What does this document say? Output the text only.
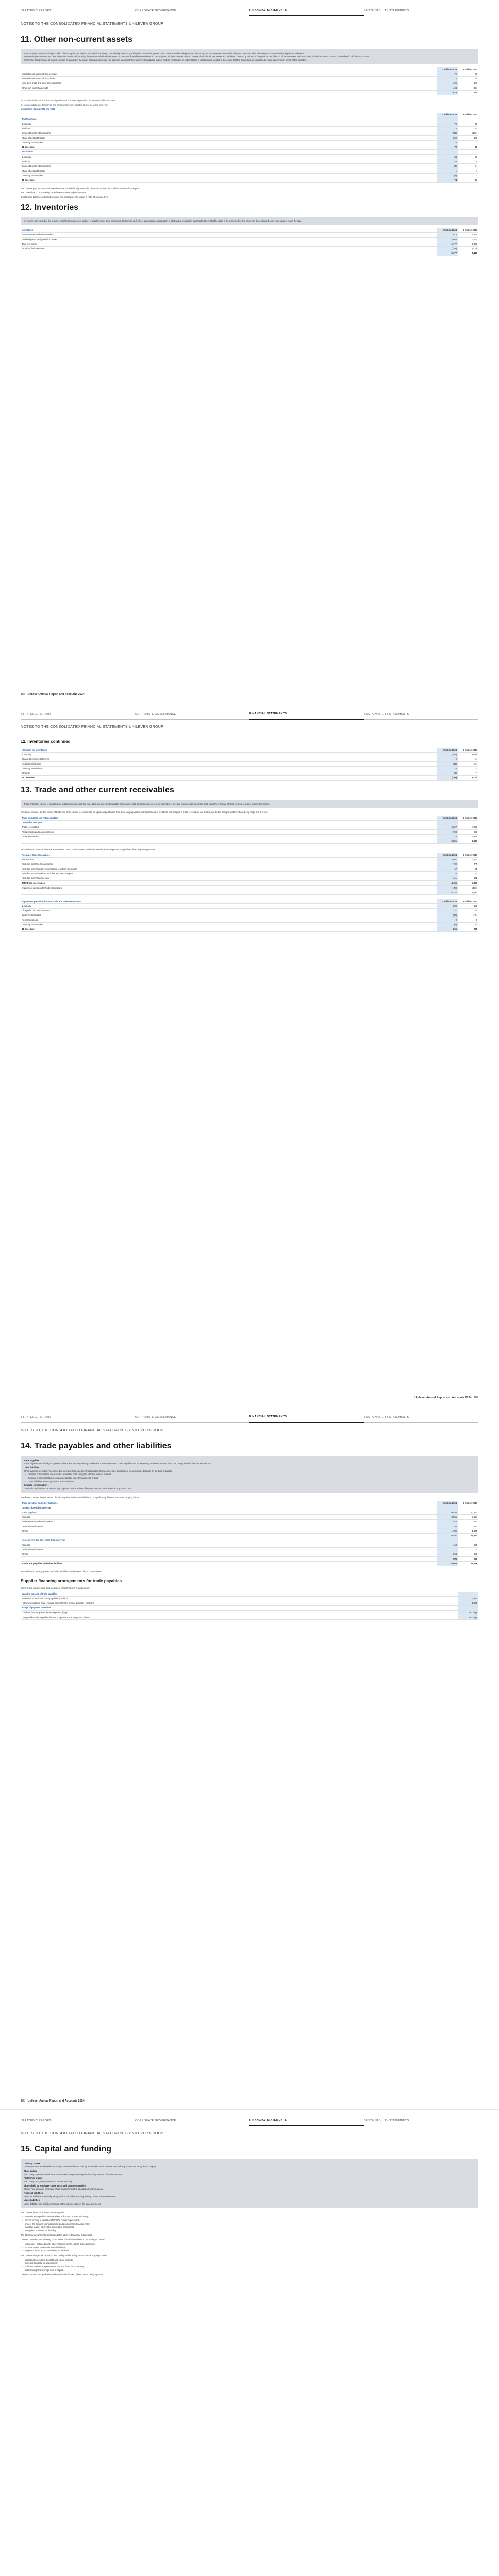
STRATEGIC REPORT	CORPORATE GOVERNANCE	FINANCIAL STATEMENTS	SUSTAINABILITY STATEMENTS
NOTES TO THE CONSOLIDATED FINANCIAL STATEMENTS UNILEVER GROUP
11. Other non-current assets

Joint ventures are undertakings in which the Group has an interest and which are jointly controlled by the Group and one or more other parties. Associates are undertakings where the Group has an investment in which it does not have control or joint control but can exercise significant influence.

Interests in joint ventures and associates are accounted for using the equity method and are stated in the consolidated balance sheet at cost, adjusted for the movement in the Group's share of their net assets and liabilities. The Group's share of the profit or loss after tax of joint ventures and associates is included in the Group's consolidated profit before taxation.

Where the Group's share of losses exceeds its interest in the equity accounted investee, the carrying amount of the investment is reduced to zero and the recognition of further losses is discontinued, except to the extent that the Group has an obligation to make payments on behalf of the investee.

	€ million 2024	€ million 2023
Interest in net assets of joint ventures	72	70
Interest in net assets of associates	74	34
Long-term trade and other receivables(a)	106	183
Other non-current assets(b)	424	324
	676	611

(a) Includes balances due from other parties which are not expected to be received within one year.

(b) Includes deposits, derivatives and prepayments not expected to reverse within one year.

Movements during 2024 and 2023

	€ million 2024	€ million 2023
Joint ventures		
1 January	70	66
Additions	4	10
Dividends received/reductions	(202)	(182)
Share of net profit/(loss)	200	176
Currency retranslation	0	0
31 December	72	70
Associates		
1 January	34	29
Additions	43	6
Dividends received/reductions	(3)	(5)
Share of net profit/(loss)	1	4
Currency retranslation	(1)	0
31 December	74	34

The Group's joint ventures and associates are not individually material to the Group's financial position or results for the year.

The Group has no outstanding capital commitments to joint ventures.

Outstanding balances with joint ventures and associates are shown in note 23 on page 176.

12. Inventories

Inventories are valued at the lower of weighted average cost and net realisable value. Cost comprises direct costs and, where appropriate, a proportion of attributable production overheads. Net realisable value is the estimated selling price less the estimated costs necessary to make the sale.

Inventories	€ million 2024	€ million 2023
Raw materials and consumables	1,614	1,874
Finished goods and goods for resale	3,563	3,462
Total inventories	5,177	5,336
Provision for inventories	(191)	(219)
	5,177	5,119
186 Unilever Annual Report and Accounts 2024
STRATEGIC REPORT	CORPORATE GOVERNANCE	FINANCIAL STATEMENTS	SUSTAINABILITY STATEMENTS
NOTES TO THE CONSOLIDATED FINANCIAL STATEMENTS UNILEVER GROUP
12. Inventories continued
Provision for inventories	€ million 2024	€ million 2023
1 January	(219)	(190)
Charge to income statement	9	(6)
Reductions/releases	(13)	(16)
Currency translations	0	0
Other(a)	(3)	(7)
31 December	(191)	(219)
13. Trade and other current receivables

Trade and other current receivables are initially recognised at fair value plus any directly attributable transaction costs. Subsequently, except for derivatives, they are measured at amortised cost, using the effective interest method, less any impairment losses.

We do not consider the fair values of trade and other current receivables to be significantly different from their carrying values. Concentrations of credit risk with respect to trade receivables are limited, due to the Group's customer base being large and diverse.

Trade and other current receivables	€ million 2024	€ million 2023
Due within one year		
Trade receivables	4,327	4,023
Prepayments and accrued income	998	638
Other receivables	1,276	1,336
	6,601	5,997

Included within trade receivables are amounts due to our customers and other receivables in respect of supply chain financing arrangements.

Ageing of trade receivables	€ million 2024	€ million 2023
Not overdue	3,897	3,523
Past due less than three months	382	401
Past due more than three months but less than six months	47	41
Past due more than six months but less than one year	28	30
Past due more than one year	141	141
Total trade receivables	4,495	4,237
Impairment provision for trade receivables	(178)	(168)
	4,327	4,023
Impairment provision for total trade and other receivables	€ million 2024	€ million 2023
1 January	205	196
Charged to income statement	37	34
Reductions/releases	(48)	(35)
Reclassifications	0	0
Currency retranslation	(1)	(5)
31 December	206	205
Unilever Annual Report and Accounts 2024 187
STRATEGIC REPORT	CORPORATE GOVERNANCE	FINANCIAL STATEMENTS	SUSTAINABILITY STATEMENTS
NOTES TO THE CONSOLIDATED FINANCIAL STATEMENTS UNILEVER GROUP
14. Trade payables and other liabilities

Trade payables

Trade payables are initially recognised at fair value less any directly attributable transaction costs. Trade payables are subsequently measured at amortised cost, using the effective interest method.

Other liabilities

Other liabilities are initially recognised at fair value less any directly attributable transaction costs. Subsequent measurement depends on the type of liability.

• Deferred consideration measured at amortised cost, using the effective interest method.

• Contingent consideration is remeasured at fair value through profit or loss.

• Other liabilities are recognised at amortised cost.

Deferred consideration

Deferred consideration represents any payments to the sellers of businesses that occur after the acquisition date.

We do not consider the fair values of trade payables and other liabilities to be significantly different from their carrying values.

Trade payables and other liabilities	€ million 2024	€ million 2023
Current: due within one year		
Trade payables	10,036	10,260
Accruals	3,855	3,667
Social security and sundry taxes	625	512
Deferred consideration	55	167
Others	1,780	1,161
	16,351	15,857
Non-current: due after more than one year		
Accruals	148	159
Deferred consideration	1	1
Others	354	139
	503	299
Total trade payables and other liabilities	16,854	16,156

Included within trade payables and other liabilities are discounts due to our customers.

Supplier financing arrangements for trade payables

Some of our suppliers are paid via supply chain financing arrangements.

Carrying amount of trade payables	
Presented in trade and other payables (€ million)	2,347
- of which suppliers have received payment from finance provider (€ million)	1,500
Range of payment due dates	
Liabilities that are part of the arrangement (days)	150 days
Comparable trade payables that are not part of the arrangement (days)	150 days
188 Unilever Annual Report and Accounts 2024
STRATEGIC REPORT	CORPORATE GOVERNANCE	FINANCIAL STATEMENTS	SUSTAINABILITY STATEMENTS
NOTES TO THE CONSOLIDATED FINANCIAL STATEMENTS UNILEVER GROUP
15. Capital and funding

Ordinary shares

Ordinary shares are classified as equity. Incremental costs directly attributable to the issue of new ordinary shares are recognised in equity.

Share capital

The Group operates a number of share-based compensation plans involving awards of ordinary shares.

Preference shares

The Group recognises preference shares as equity.

Shares held by employee share trusts and group companies

Shares held to satisfy employee share plans are treated as a deduction from equity.

Financial liabilities

Financial liabilities are initially recognised at fair value, less any directly related transaction costs.

Lease liabilities

Lease liabilities are initially measured at the present value of the lease payments.

The Group's financial activities are designed to:

• maintain a competitive balance sheet in line with at least A/A rating;

• secure funding at lowest costs for the Group's operations;

• protect the Group's financial results and position from financial risks;

• maintain market risks within acceptable parameters;

• strengthen our financial flexibility.

The Treasury department maintains a list of approved financial instruments.

Unilever considers the following components of its balance sheet to be managed capital:

• total equity - retained profit, other reserves, share capital, share premium;

• short-term debt - current financial liabilities;

• long-term debt - non-current financial liabilities.

The Group manages its capital so as to safeguard its ability to continue as a going concern.

• appropriate access to the debt and equity markets;

• sufficient flexibility for acquisitions;

• sufficient resilience against economic and financial uncertainty;

• optimal weighted average cost of capital.

Unilever monitors the qualitative and quantitative factors utilised by the rating agencies.
